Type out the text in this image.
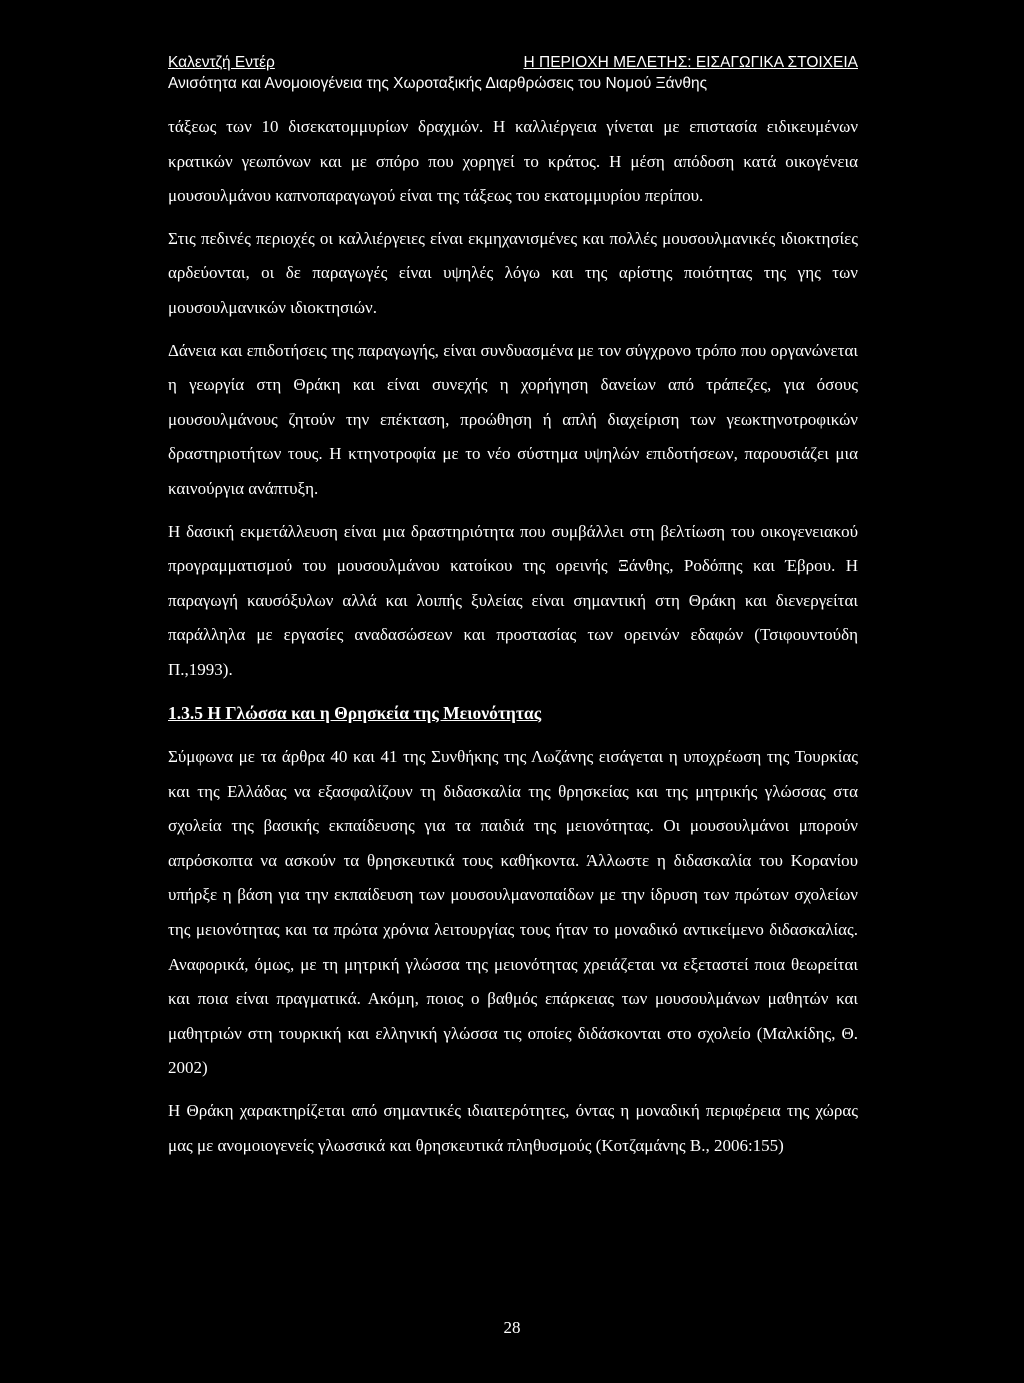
Καλεντζή Εντέρ	Η ΠΕΡΙΟΧΗ ΜΕΛΕΤΗΣ: ΕΙΣΑΓΩΓΙΚΑ ΣΤΟΙΧΕΙΑ
Ανισότητα και Ανομοιογένεια της Χωροταξικής Διαρθρώσεις του Νομού Ξάνθης

τάξεως των 10 δισεκατομμυρίων δραχμών. Η καλλιέργεια γίνεται με επιστασία ειδικευμένων κρατικών γεωπόνων και με σπόρο που χορηγεί το κράτος. Η μέση απόδοση κατά οικογένεια μουσουλμάνου καπνοπαραγωγού είναι της τάξεως του εκατομμυρίου περίπου.

Στις πεδινές περιοχές οι καλλιέργειες είναι εκμηχανισμένες και πολλές μουσουλμανικές ιδιοκτησίες αρδεύονται, οι δε παραγωγές είναι υψηλές λόγω και της αρίστης ποιότητας της γης των μουσουλμανικών ιδιοκτησιών.

Δάνεια και επιδοτήσεις της παραγωγής, είναι συνδυασμένα με τον σύγχρονο τρόπο που οργανώνεται η γεωργία στη Θράκη και είναι συνεχής η χορήγηση δανείων από τράπεζες, για όσους μουσουλμάνους ζητούν την επέκταση, προώθηση ή απλή διαχείριση των γεωκτηνοτροφικών δραστηριοτήτων τους. Η κτηνοτροφία με το νέο σύστημα υψηλών επιδοτήσεων, παρουσιάζει μια καινούργια ανάπτυξη.

Η δασική εκμετάλλευση είναι μια δραστηριότητα που συμβάλλει στη βελτίωση του οικογενειακού προγραμματισμού του μουσουλμάνου κατοίκου της ορεινής Ξάνθης, Ροδόπης και Έβρου. Η παραγωγή καυσόξυλων αλλά και λοιπής ξυλείας είναι σημαντική στη Θράκη και διενεργείται παράλληλα με εργασίες αναδασώσεων και προστασίας των ορεινών εδαφών (Τσιφουντούδη Π.,1993).

1.3.5 Η Γλώσσα και η Θρησκεία της Μειονότητας

Σύμφωνα με τα άρθρα 40 και 41 της Συνθήκης της Λωζάνης εισάγεται η υποχρέωση της Τουρκίας και της Ελλάδας να εξασφαλίζουν τη διδασκαλία της θρησκείας και της μητρικής γλώσσας στα σχολεία της βασικής εκπαίδευσης για τα παιδιά της μειονότητας. Οι μουσουλμάνοι μπορούν απρόσκοπτα να ασκούν τα θρησκευτικά τους καθήκοντα. Άλλωστε η διδασκαλία του Κορανίου υπήρξε η βάση για την εκπαίδευση των μουσουλμανοπαίδων με την ίδρυση των πρώτων σχολείων της μειονότητας και τα πρώτα χρόνια λειτουργίας τους ήταν το μοναδικό αντικείμενο διδασκαλίας. Αναφορικά, όμως, με τη μητρική γλώσσα της μειονότητας χρειάζεται να εξεταστεί ποια θεωρείται και ποια είναι πραγματικά. Ακόμη, ποιος ο βαθμός επάρκειας των μουσουλμάνων μαθητών και μαθητριών στη τουρκική και ελληνική γλώσσα τις οποίες διδάσκονται στο σχολείο (Μαλκίδης, Θ. 2002)

Η Θράκη χαρακτηρίζεται από σημαντικές ιδιαιτερότητες, όντας η μοναδική περιφέρεια της χώρας μας με ανομοιογενείς γλωσσικά και θρησκευτικά πληθυσμούς (Κοτζαμάνης Β., 2006:155)

28
